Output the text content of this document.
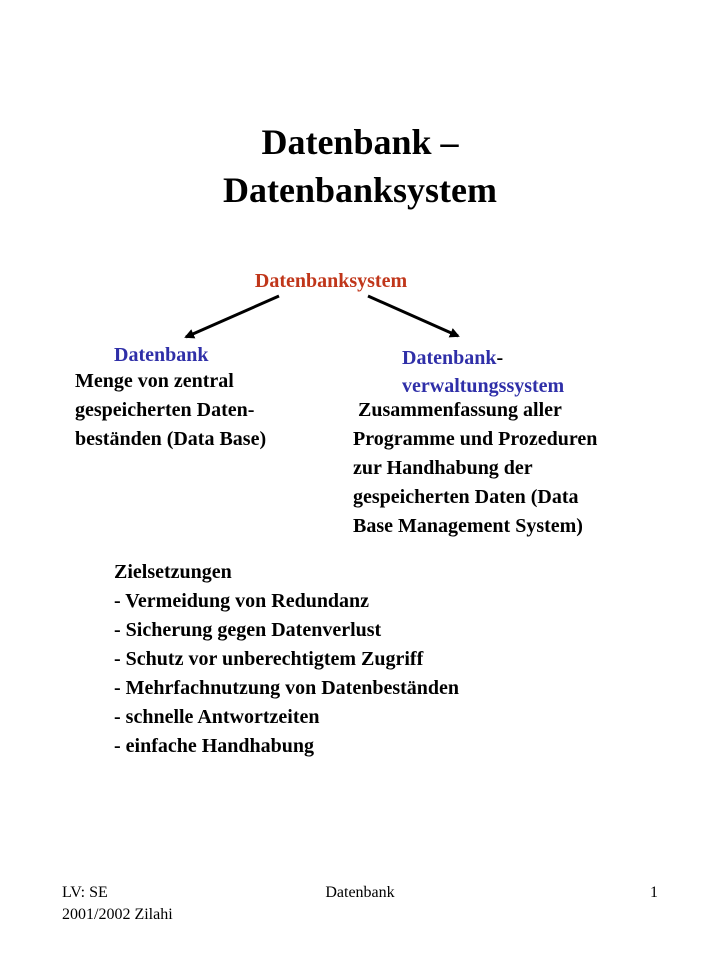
Datenbank –
Datenbanksystem
Datenbanksystem
Datenbank	Datenbank-
verwaltungssystem
Menge von zentral
gespeicherten Daten-
beständen (Data Base)
Zusammenfassung aller
Programme und Prozeduren
zur Handhabung der
gespeicherten Daten (Data
Base Management System)
Zielsetzungen
- Vermeidung von Redundanz
- Sicherung gegen Datenverlust
- Schutz vor unberechtigtem Zugriff
- Mehrfachnutzung von Datenbeständen
- schnelle Antwortzeiten
- einfache Handhabung
LV: SE
2001/2002 Zilahi
Datenbank	1
